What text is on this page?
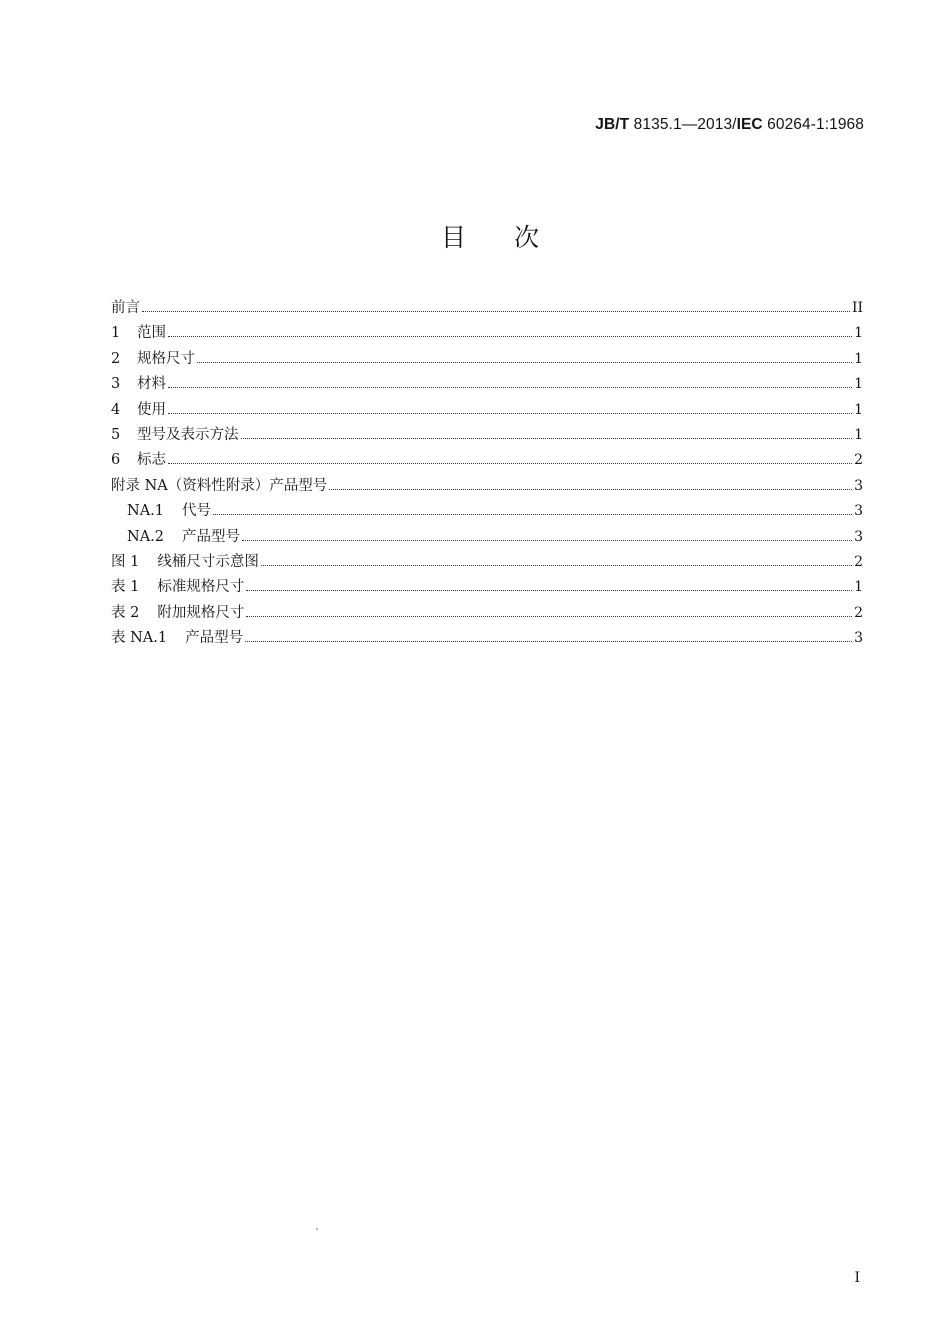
JB/T 8135.1—2013/IEC 60264-1:1968
目次
前言	II
1 范围	1
2 规格尺寸	1
3 材料	1
4 使用	1
5 型号及表示方法	1
6 标志	2
附录 NA（资料性附录）产品型号	3
NA.1 代号	3
NA.2 产品型号	3
图 1 线桶尺寸示意图	2
表 1 标准规格尺寸	1
表 2 附加规格尺寸	2
表 NA.1 产品型号	3
I
